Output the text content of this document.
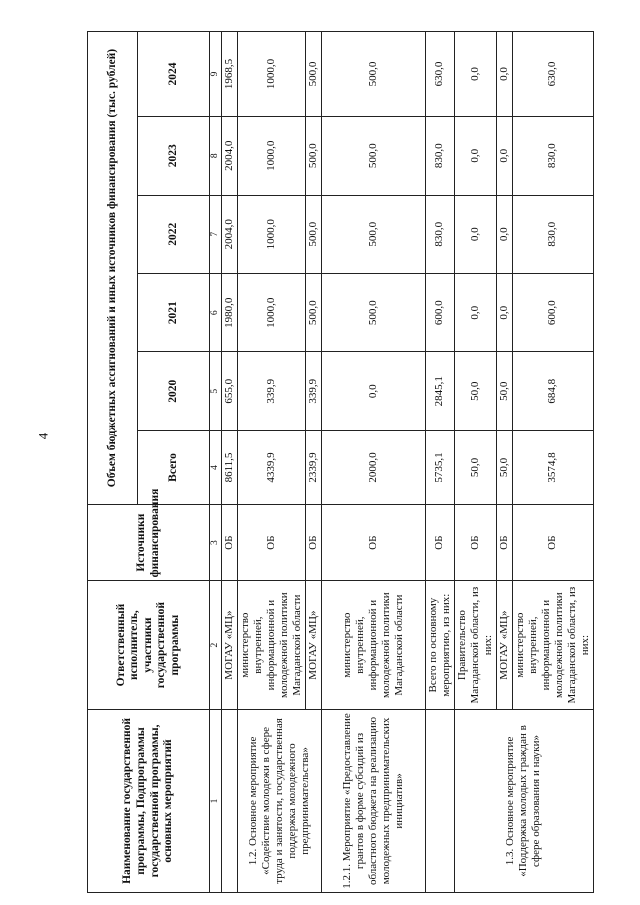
4
Наименование государственной программы, Подпрограммы государственной программы, основных мероприятий	Ответственный исполнитель, участники государственной программы	Источники финансирования	Объем бюджетных ассигнований и иных источников финансирования (тыс. рублей)					
			Всего	2020	2021	2022	2023	2024
1	2	3	4	5	6	7	8	9
	МОГАУ «МЦ»	ОБ	8611,5	655,0	1980,0	2004,0	2004,0	1968,5
1.2. Основное мероприятие «Содействие молодежи в сфере труда и занятости, государственная поддержка молодежного предпринимательства»	министерство внутренней, информационной и молодежной политики Магаданской области	ОБ	4339,9	339,9	1000,0	1000,0	1000,0	1000,0
	МОГАУ «МЦ»	ОБ	2339,9	339,9	500,0	500,0	500,0	500,0
1.2.1. Мероприятие «Предоставление грантов в форме субсидий из областного бюджета на реализацию молодежных предпринимательских инициатив»	министерство внутренней, информационной и молодежной политики Магаданской области	ОБ	2000,0	0,0	500,0	500,0	500,0	500,0
	Всего по основному мероприятию, из них:	ОБ	5735,1	2845,1	600,0	830,0	830,0	630,0
1.3. Основное мероприятие «Поддержка молодых граждан в сфере образования и науки»	Правительство Магаданской области, из них:	ОБ	50,0	50,0	0,0	0,0	0,0	0,0
	МОГАУ «МЦ»	ОБ	50,0	50,0	0,0	0,0	0,0	0,0
	министерство внутренней, информационной и молодежной политики Магаданской области, из них:	ОБ	3574,8	684,8	600,0	830,0	830,0	630,0
